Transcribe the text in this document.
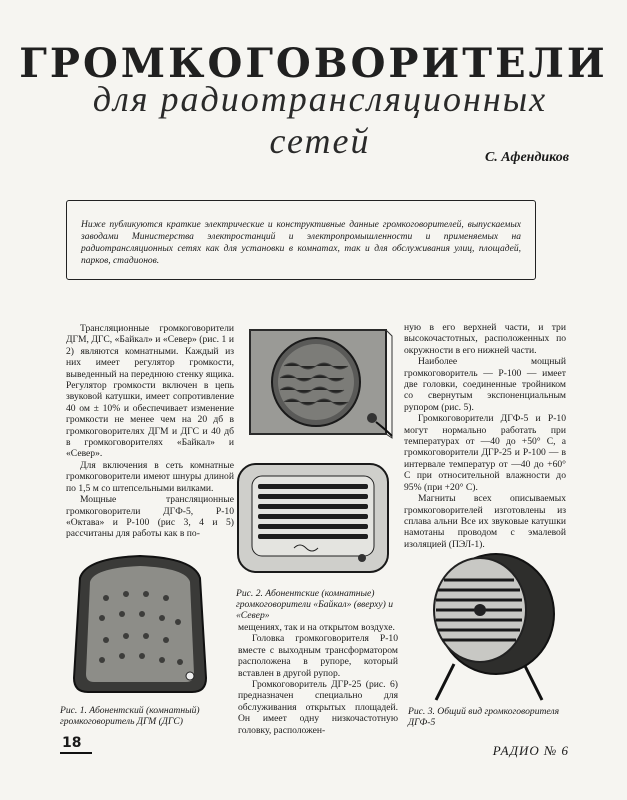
ГРОМКОГОВОРИТЕЛИ
для радиотрансляционных сетей	С. Афендиков
Ниже публикуются краткие электрические и конструктивные данные громкоговорителей, выпускаемых заводами Министерства электростанций и электропромышленности и применяемых на радиотрансляционных сетях как для установки в комнатах, так и для обслуживания улиц, площадей, парков, стадионов.

Трансляционные громкоговорители ДГМ, ДГС, «Байкал» и «Север» (рис. 1 и 2) являются комнатными. Каждый из них имеет регулятор громкости, выведенный на переднюю стенку ящика. Регулятор громкости включен в цепь звуковой катушки, имеет сопротивление 40 ом ± 10% и обеспечивает изменение громкости не менее чем на 20 дб в громкоговорителях ДГМ и ДГС и 40 дб в громкоговорителях «Байкал» и «Север».

Для включения в сеть комнатные громкоговорители имеют шнуры длиной по 1,5 м со штепсельными вилками.

Мощные трансляционные громкоговорители ДГФ-5, Р-10 «Октава» и Р-100 (рис 3, 4 и 5) рассчитаны для работы как в по-

мещениях, так и на открытом воздухе.

Головка громкоговорителя Р-10 вместе с выходным трансформатором расположена в рупоре, который вставлен в другой рупор.

Громкоговоритель ДГР-25 (рис. 6) предназначен специально для обслуживания открытых площадей. Он имеет одну низкочастотную головку, расположен-

ную в его верхней части, и три высокочастотных, расположенных по окружности в его нижней части.

Наиболее мощный громкоговоритель — Р-100 — имеет две головки, соединенные тройником со свернутым экспоненциальным рупором (рис. 5).

Громкоговорители ДГФ-5 и Р-10 могут нормально работать при температурах от —40 до +50° С, а громкоговорители ДГР-25 и Р-100 — в интервале температур от —40 до +60° С при относительной влажности до 95% (при +20° С).

Магниты всех описываемых громкоговорителей изготовлены из сплава альни Все их звуковые катушки намотаны проводом с эмалевой изоляцией (ПЭЛ-1).

Рис. 1. Абонентский (комнатный) громкоговоритель ДГМ (ДГС)
Рис. 2. Абонентские (комнатные) громкоговорители «Байкал» (вверху) и «Север»
Рис. 3. Общий вид громкоговорителя ДГФ-5
18	РАДИО № 6
